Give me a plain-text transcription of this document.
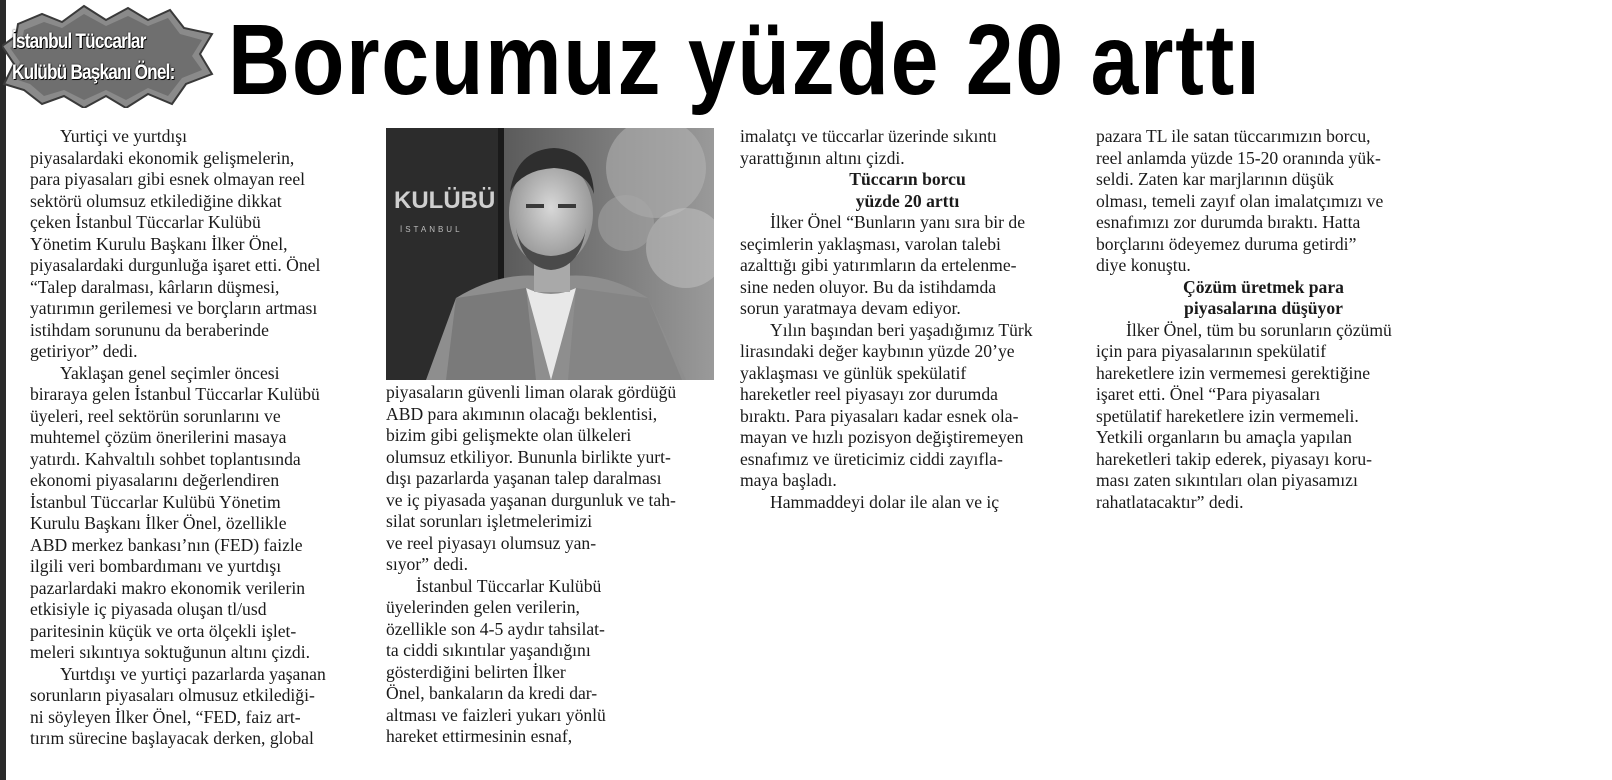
İstanbul Tüccarlar
Kulübü Başkanı Önel: Borcumuz yüzde 20 arttı
KULÜBÜ
İSTANBUL
Yurtiçi ve yurtdışı
piyasalardaki ekonomik gelişmelerin,
para piyasaları gibi esnek olmayan reel
sektörü olumsuz etkilediğine dikkat
çeken İstanbul Tüccarlar Kulübü
Yönetim Kurulu Başkanı İlker Önel,
piyasalardaki durgunluğa işaret etti. Önel
“Talep daralması, kârların düşmesi,
yatırımın gerilemesi ve borçların artması
istihdam sorununu da beraberinde
getiriyor” dedi.
Yaklaşan genel seçimler öncesi
biraraya gelen İstanbul Tüccarlar Kulübü
üyeleri, reel sektörün sorunlarını ve
muhtemel çözüm önerilerini masaya
yatırdı. Kahvaltılı sohbet toplantısında
ekonomi piyasalarını değerlendiren
İstanbul Tüccarlar Kulübü Yönetim
Kurulu Başkanı İlker Önel, özellikle
ABD merkez bankası’nın (FED) faizle
ilgili veri bombardımanı ve yurtdışı
pazarlardaki makro ekonomik verilerin
etkisiyle iç piyasada oluşan tl/usd
paritesinin küçük ve orta ölçekli işlet-
meleri sıkıntıya soktuğunun altını çizdi.
Yurtdışı ve yurtiçi pazarlarda yaşanan
sorunların piyasaları olmusuz etkilediği-
ni söyleyen İlker Önel, “FED, faiz art-
tırım sürecine başlayacak derken, global
piyasaların güvenli liman olarak gördüğü
ABD para akımının olacağı beklentisi,
bizim gibi gelişmekte olan ülkeleri
olumsuz etkiliyor. Bununla birlikte yurt-
dışı pazarlarda yaşanan talep daralması
ve iç piyasada yaşanan durgunluk ve tah-
silat sorunları işletmelerimizi
ve reel piyasayı olumsuz yan-
sıyor” dedi.
İstanbul Tüccarlar Kulübü
üyelerinden gelen verilerin,
özellikle son 4-5 aydır tahsilat-
ta ciddi sıkıntılar yaşandığını
gösterdiğini belirten İlker
Önel, bankaların da kredi dar-
altması ve faizleri yukarı yönlü
hareket ettirmesinin esnaf,
imalatçı ve tüccarlar üzerinde sıkıntı
yarattığının altını çizdi.
Tüccarın borcu
yüzde 20 arttı
İlker Önel “Bunların yanı sıra bir de
seçimlerin yaklaşması, varolan talebi
azalttığı gibi yatırımların da ertelenme-
sine neden oluyor. Bu da istihdamda
sorun yaratmaya devam ediyor.
Yılın başından beri yaşadığımız Türk
lirasındaki değer kaybının yüzde 20’ye
yaklaşması ve günlük spekülatif
hareketler reel piyasayı zor durumda
bıraktı. Para piyasaları kadar esnek ola-
mayan ve hızlı pozisyon değiştiremeyen
esnafımız ve üreticimiz ciddi zayıfla-
maya başladı.
Hammaddeyi dolar ile alan ve iç
pazara TL ile satan tüccarımızın borcu,
reel anlamda yüzde 15-20 oranında yük-
seldi. Zaten kar marjlarının düşük
olması, temeli zayıf olan imalatçımızı ve
esnafımızı zor durumda bıraktı. Hatta
borçlarını ödeyemez duruma getirdi”
diye konuştu.
Çözüm üretmek para
piyasalarına düşüyor
İlker Önel, tüm bu sorunların çözümü
için para piyasalarının spekülatif
hareketlere izin vermemesi gerektiğine
işaret etti. Önel “Para piyasaları
spetülatif hareketlere izin vermemeli.
Yetkili organların bu amaçla yapılan
hareketleri takip ederek, piyasayı koru-
ması zaten sıkıntıları olan piyasamızı
rahatlatacaktır” dedi.
